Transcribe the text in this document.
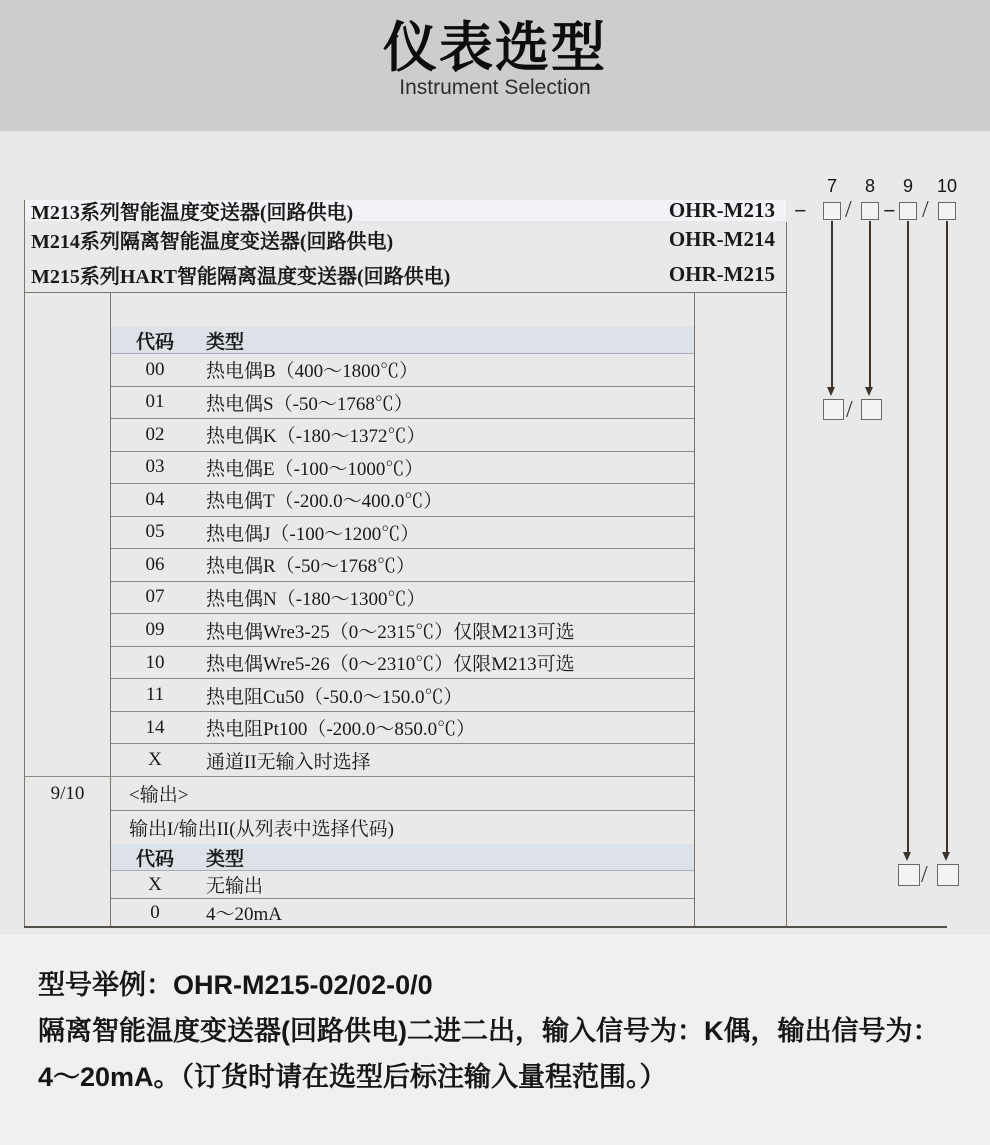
仪表选型
Instrument Selection
M213系列智能温度变送器(回路供电)	OHR-M213
M214系列隔离智能温度变送器(回路供电)	OHR-M214
M215系列HART智能隔离温度变送器(回路供电)	OHR-M215
7	8	9	10
− / − /
/
/
代码	类型
00	热电偶B（400～1800℃）
01	热电偶S（-50～1768℃）
02	热电偶K（-180～1372℃）
03	热电偶E（-100～1000℃）
04	热电偶T（-200.0～400.0℃）
05	热电偶J（-100～1200℃）
06	热电偶R（-50～1768℃）
07	热电偶N（-180～1300℃）
09	热电偶Wre3-25（0～2315℃）仅限M213可选
10	热电偶Wre5-26（0～2310℃）仅限M213可选
11	热电阻Cu50（-50.0～150.0℃）
14	热电阻Pt100（-200.0～850.0℃）
X	通道II无输入时选择
9/10	<输出>
输出I/输出II(从列表中选择代码)
代码	类型
X	无输出
0	4～20mA

型号举例：OHR-M215-02/02-0/0

隔离智能温度变送器(回路供电)二进二出，输入信号为：K偶，输出信号为：

4～20mA。（订货时请在选型后标注输入量程范围。）
